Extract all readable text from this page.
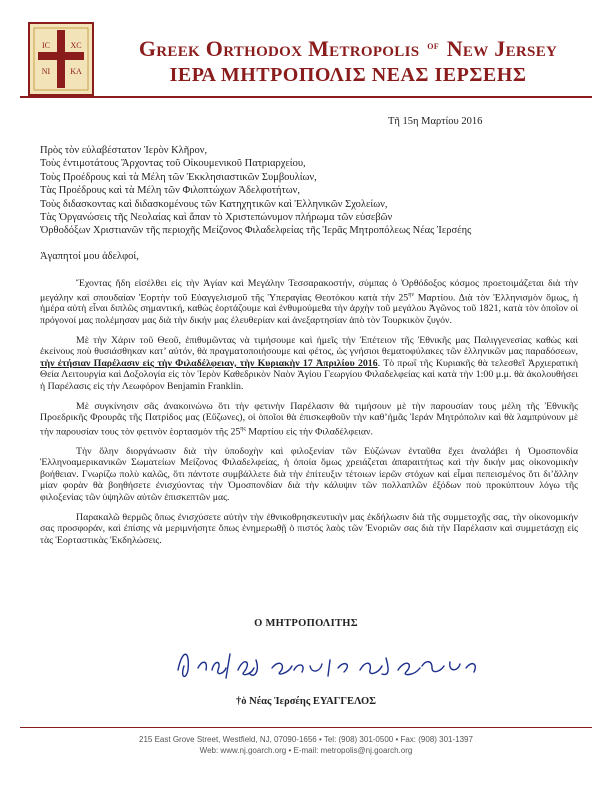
IC	XC
NI KA
Greek Orthodox Metropolis $^{of}$ New Jersey
ΙΕΡΑ ΜΗΤΡΟΠΟΛΙΣ ΝΕΑΣ ΙΕΡΣΕΗΣ
Τῆ 15η Μαρτίου 2016
Πρὸς τὸν εὐλαβέστατον Ἱερὸν Κλῆρον,
Τοὺς ἐντιμοτάτους Ἄρχοντας τοῦ Οἰκουμενικοῦ Πατριαρχείου,
Τοὺς Προέδρους καὶ τὰ Μέλη τῶν Ἐκκλησιαστικῶν Συμβουλίων,
Τὰς Προέδρους καὶ τὰ Μέλη τῶν Φιλοπτώχων Ἀδελφοτήτων,
Τοὺς διδασκοντας καὶ διδασκομένους τῶν Κατηχητικῶν καὶ Ἑλληνικῶν Σχολείων,
Τὰς Ὀργανώσεις τῆς Νεολαίας καὶ ἅπαν τὸ Χριστεπώνυμον πλήρωμα τῶν εὐσεβῶν
Ὀρθοδόξων Χριστιανῶν τῆς περιοχῆς Μείζονος Φιλαδελφείας τῆς Ἱερᾶς Μητροπόλεως Νέας Ἰερσέης
Ἀγαπητοί μου ἀδελφοί,

Ἔχοντας ἤδη εἰσέλθει εἰς τὴν Ἁγίαν καὶ Μεγάλην Τεσσαρακοστήν, σύμπας ὁ Ὀρθόδοξος κόσμος προετοιμάζεται διὰ τὴν μεγάλην καὶ σπουδαίαν Ἑορτὴν τοῦ Εὐαγγελισμοῦ τῆς Ὑπεραγίας Θεοτόκου κατὰ τὴν $25^{\eta\nu}$ Μαρτίου. Διὰ τὸν Ἑλληνισμὸν ὅμως, ἡ ἡμέρα αὐτὴ εἶναι διπλῶς σημαντική, καθὼς ἑορτάζουμε καὶ ἐνθυμούμεθα τὴν ἀρχὴν τοῦ μεγάλου Ἀγῶνος τοῦ 1821, κατὰ τὸν ὁποῖον οἱ πρόγονοί μας πολέμησαν μας διὰ τὴν δικήν μας ἐλευθερίαν καὶ ἀνεξαρτησίαν ἀπὸ τὸν Τουρκικὸν ζυγόν.

Μὲ τὴν Χάριν τοῦ Θεοῦ, ἐπιθυμῶντας νὰ τιμήσουμε καὶ ἡμεῖς τὴν Ἐπέτειον τῆς Ἐθνικῆς μας Παλιγγενεσίας καθὼς καὶ ἐκείνους ποὺ θυσιάσθηκαν κατ’ αὐτόν, θὰ πραγματοποιήσουμε καὶ φέτος, ὡς γνήσιοι θεματοφύλακες τῶν ἑλληνικῶν μας παραδόσεων, τὴν ἐτήσιαν Παρέλασιν εἰς τὴν Φιλαδέλφειαν, τὴν Κυριακὴν 17 Ἀπριλίου 2016. Τὸ πρωΐ τῆς Κυριακῆς θὰ τελεσθεῖ Ἀρχιερατικὴ Θεία Λειτουργία καὶ Δοξολογία εἰς τὸν Ἱερὸν Καθεδρικὸν Ναὸν Ἁγίου Γεωργίου Φιλαδελφείας καὶ κατὰ τὴν 1:00 μ.μ. θὰ ἀκολουθήσει ἡ Παρέλασις εἰς τὴν Λεωφόρον Benjamin Franklin.

Μὲ συγκίνησιν σᾶς ἀνακοινώνω ὅτι τὴν φετινὴν Παρέλασιν θὰ τιμήσουν μὲ τὴν παρουσίαν τους μέλη τῆς Ἐθνικῆς Προεδρικῆς Φρουρᾶς τῆς Πατρίδος μας (Εὔζωνες), οἱ ὁποῖοι θὰ ἐπισκεφθοῦν τὴν καθ’ἡμᾶς Ἱεράν Μητρόπολιν καὶ θὰ λαμπρύνουν μὲ τὴν παρουσίαν τους τὸν φετινὸν ἑορτασμὸν τῆς $25^{\eta\varsigma}$ Μαρτίου εἰς τὴν Φιλαδέλφειαν.

Τὴν ὅλην διοργάνωσιν διὰ τὴν ὑποδοχὴν καὶ φιλοξενίαν τῶν Εὐζώνων ἐνταῦθα ἔχει ἀναλάβει ἡ Ὁμοσπονδία Ἑλληνοαμερικανικῶν Σωματείων Μείζονος Φιλαδελφείας, ἡ ὁποία ὅμως χρειάζεται ἀπαραιτήτως καὶ τὴν δικήν μας οἰκονομικὴν βοήθειαν. Γνωρίζω πολὺ καλῶς, ὅτι πάντοτε συμβάλλετε διὰ τὴν ἐπίτευξιν τέτοιων ἱερῶν στόχων καὶ εἶμαι πεπεισμένος ὅτι δι’ἄλλην μίαν φορὰν θὰ βοηθήσετε ἐνισχύοντας τὴν Ὁμοσπονδίαν διὰ τὴν κάλυψιν τῶν πολλαπλῶν ἐξόδων ποὺ προκύπτουν λόγω τῆς φιλοξενίας τῶν ὑψηλῶν αὐτῶν ἐπισκεπτῶν μας.

Παρακαλῶ θερμῶς ὅπως ἐνισχύσετε αὐτὴν τὴν ἐθνικοθρησκευτικὴν μας ἐκδήλωσιν διὰ τῆς συμμετοχῆς σας, τὴν οἰκονομικήν σας προσφοράν, καὶ ἐπίσης νὰ μεριμνήσητε ὅπως ἐνημερωθῇ ὁ πιστός λαὸς τῶν Ἐνοριῶν σας διὰ τὴν Παρέλασιν καὶ συμμετάσχῃ εἰς τὰς Ἑορταστικὰς Ἐκδηλώσεις.

Ο ΜΗΤΡΟΠΟΛΙΤΗΣ
†ὁ Νέας Ἰερσέης ΕΥΑΓΓΕΛΟΣ
215 East Grove Street, Westfield, NJ, 07090-1656 • Tel: (908) 301-0500 • Fax: (908) 301-1397
Web: www.nj.goarch.org • E-mail: metropolis@nj.goarch.org
